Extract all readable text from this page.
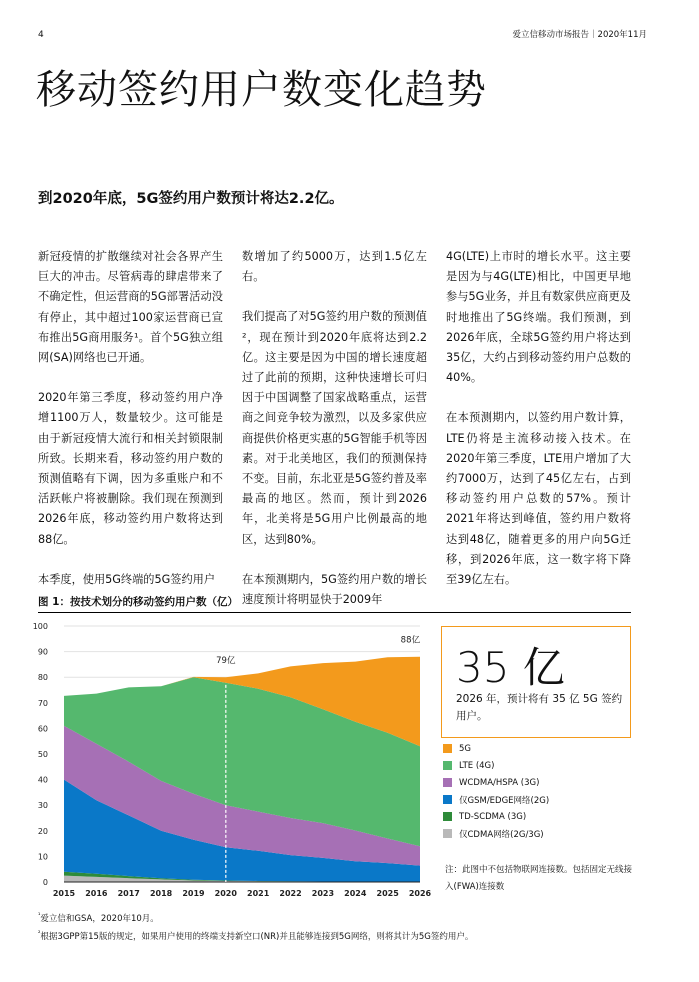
4	爱立信移动市场报告｜2020年11月
移动签约用户数变化趋势
到2020年底，5G签约用户数预计将达2.2亿。

新冠疫情的扩散继续对社会各界产生巨大的冲击。尽管病毒的肆虐带来了不确定性，但运营商的5G部署活动没有停止，其中超过100家运营商已宣布推出5G商用服务¹。首个5G独立组网(SA)网络也已开通。

2020年第三季度，移动签约用户净增1100万人，数量较少。这可能是由于新冠疫情大流行和相关封锁限制所致。长期来看，移动签约用户数的预测值略有下调，因为多重账户和不活跃帐户将被删除。我们现在预测到2026年底，移动签约用户数将达到88亿。

本季度，使用5G终端的5G签约用户

数增加了约5000万，达到1.5亿左右。

我们提高了对5G签约用户数的预测值²，现在预计到2020年底将达到2.2亿。这主要是因为中国的增长速度超过了此前的预期，这种快速增长可归因于中国调整了国家战略重点，运营商之间竞争较为激烈，以及多家供应商提供价格更实惠的5G智能手机等因素。对于北美地区，我们的预测保持不变。目前，东北亚是5G签约普及率最高的地区。然而，预计到2026年，北美将是5G用户比例最高的地区，达到80%。

在本预测期内，5G签约用户数的增长速度预计将明显快于2009年

4G(LTE)上市时的增长水平。这主要是因为与4G(LTE)相比，中国更早地参与5G业务，并且有数家供应商更及时地推出了5G终端。我们预测，到2026年底，全球5G签约用户将达到35亿，大约占到移动签约用户总数的40%。

在本预测期内，以签约用户数计算，LTE仍将是主流移动接入技术。在2020年第三季度，LTE用户增加了大约7000万，达到了45亿左右，占到移动签约用户总数的57%。预计2021年将达到峰值，签约用户数将达到48亿，随着更多的用户向5G迁移，到2026年底，这一数字将下降至39亿左右。

图 1：按技术划分的移动签约用户数（亿）
0
10
20
30
40
50
60
70
80
90
100
2015 2016 2017 2018 2019 2020 2021 2022 2023 2024 2025 2026
79亿
88亿
35 亿
2026 年，预计将有 35 亿 5G 签约用户。
5G
LTE (4G)
WCDMA/HSPA (3G)
仅GSM/EDGE网络(2G)
TD-SCDMA (3G)
仅CDMA网络(2G/3G)
注：此图中不包括物联网连接数。包括固定无线接入(FWA)连接数
$^{^1}$爱立信和GSA，2020年10月。
$^{^2}$根据3GPP第15版的规定，如果用户使用的终端支持新空口(NR)并且能够连接到5G网络，则将其计为5G签约用户。
